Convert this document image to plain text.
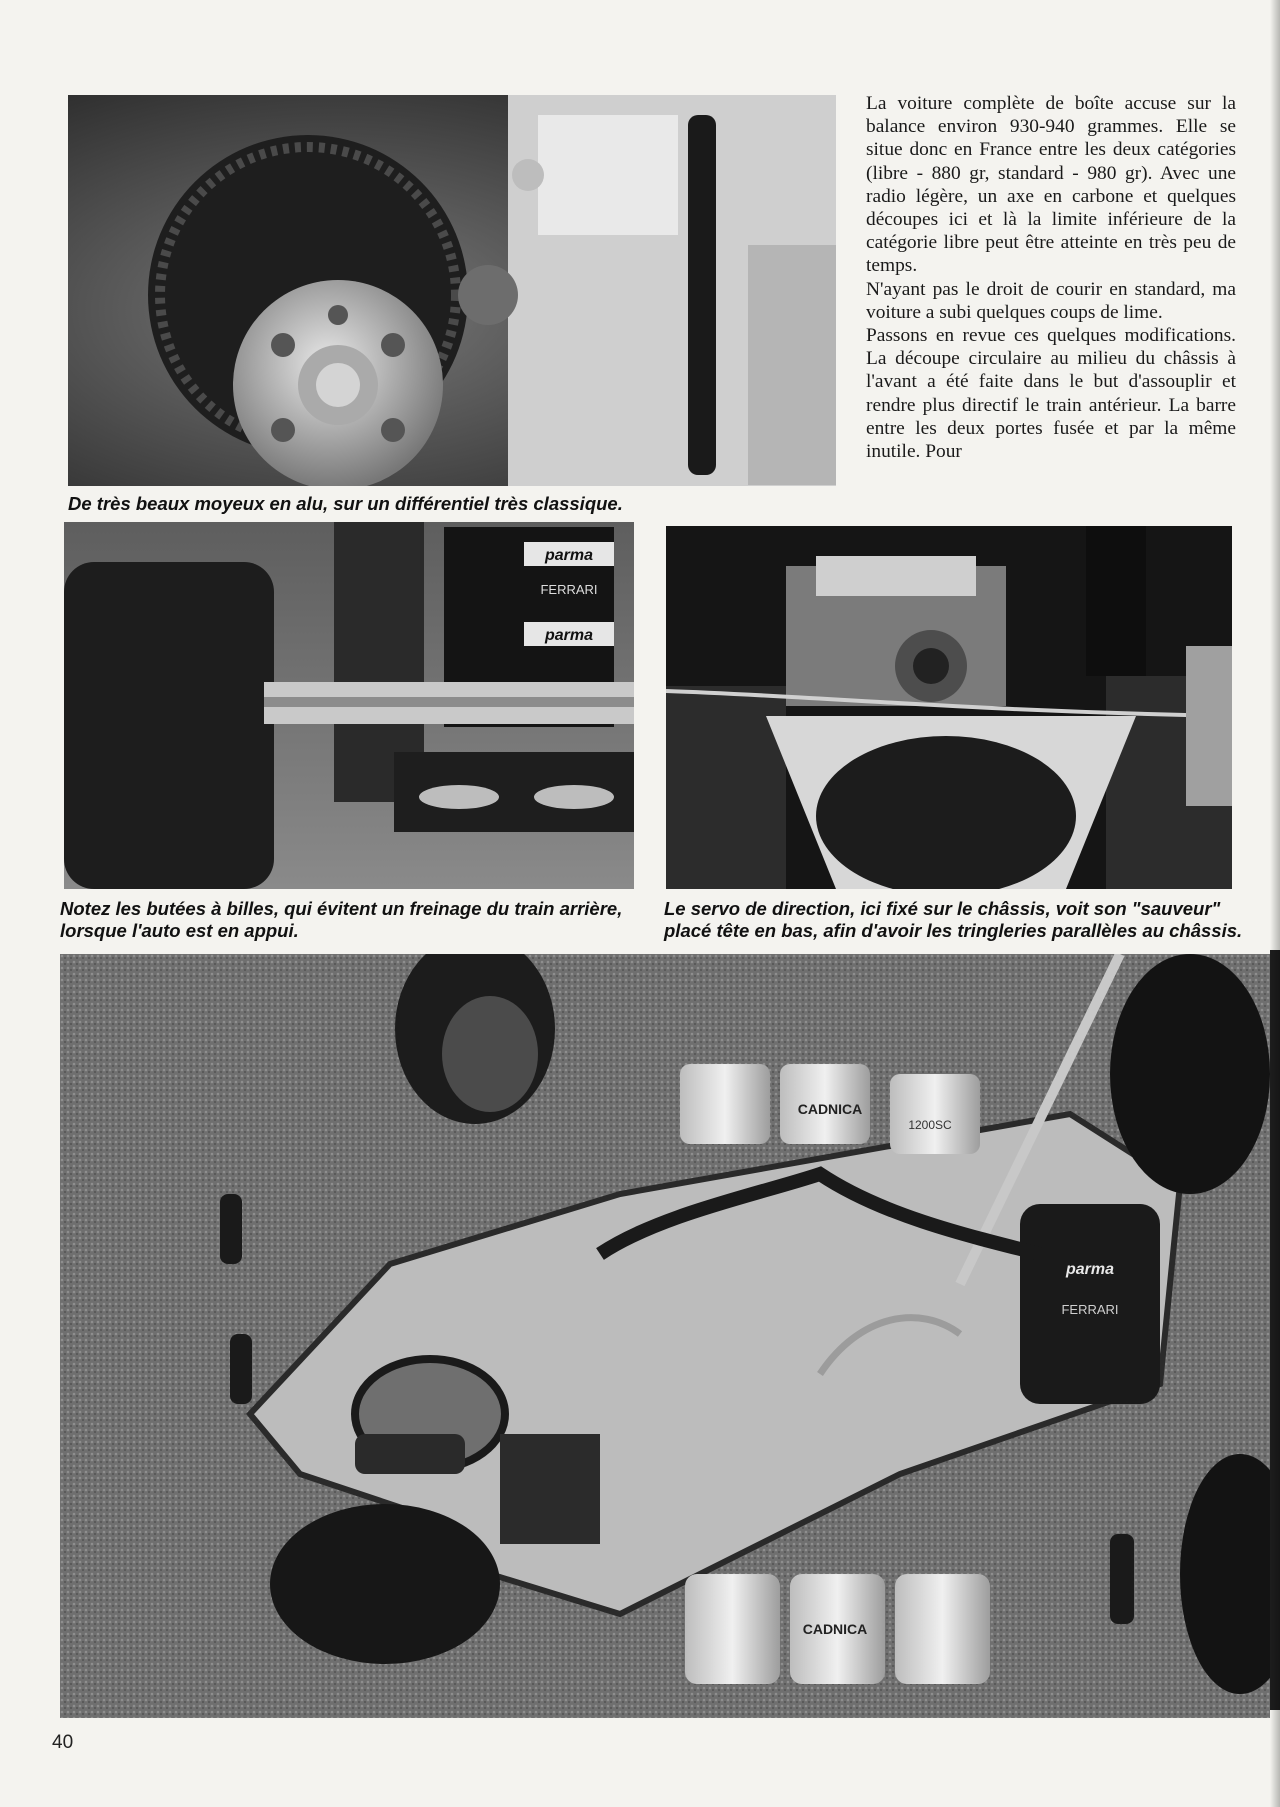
La voiture complète de boîte accuse sur la balance environ 930-940 grammes. Elle se situe donc en France entre les deux catégories (libre - 880 gr, standard - 980 gr). Avec une radio légère, un axe en carbone et quelques découpes ici et là la limite inférieure de la catégorie libre peut être atteinte en très peu de temps.

N'ayant pas le droit de courir en standard, ma voiture a subi quelques coups de lime.

Passons en revue ces quelques modifications. La découpe circulaire au milieu du châssis à l'avant a été faite dans le but d'assouplir et rendre plus directif le train antérieur. La barre entre les deux portes fusée et par la même inutile. Pour

De très beaux moyeux en alu, sur un différentiel très classique.

parma
FERRARI
parma

Notez les butées à billes, qui évitent un freinage du train arrière, lorsque l'auto est en appui.

Le servo de direction, ici fixé sur le châssis, voit son "sauveur" placé tête en bas, afin d'avoir les tringleries parallèles au châssis.

CADNICA
1200SC
CADNICA
parma
FERRARI
40
